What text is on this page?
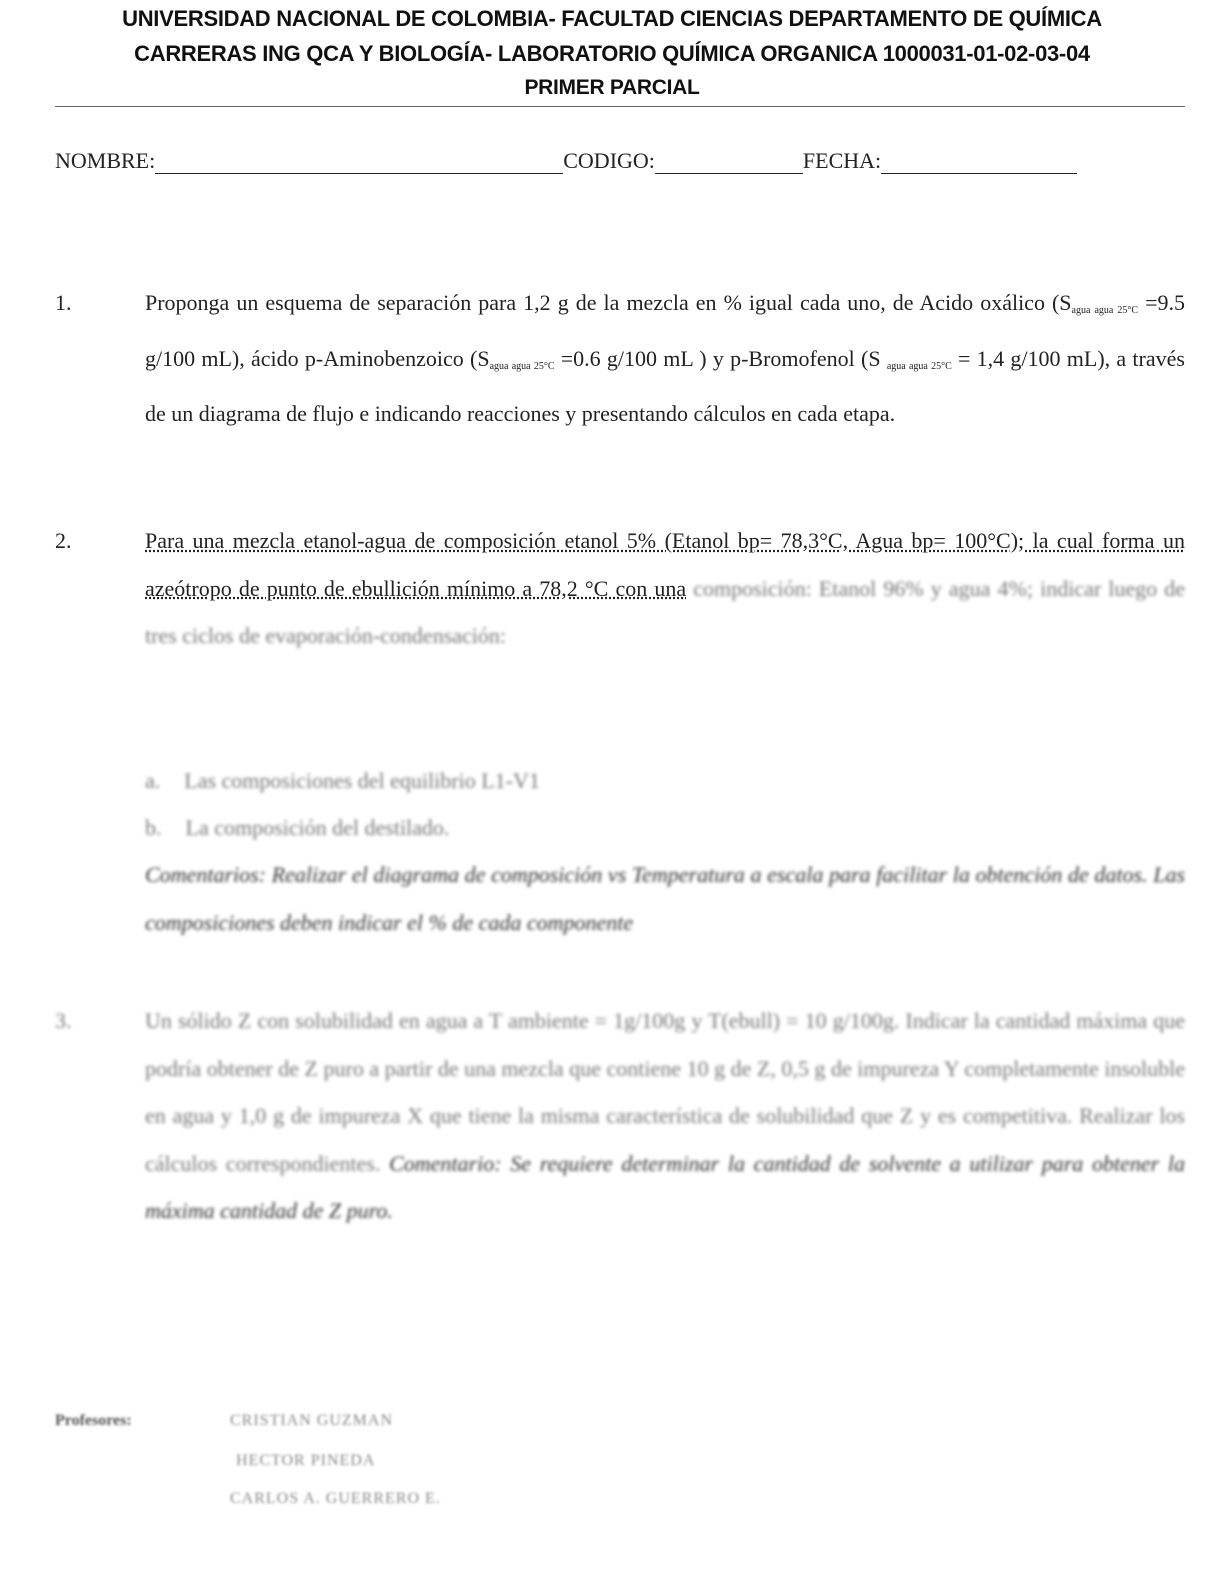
UNIVERSIDAD NACIONAL DE COLOMBIA- FACULTAD CIENCIAS DEPARTAMENTO DE QUÍMICA
CARRERAS ING QCA Y BIOLOGÍA- LABORATORIO QUÍMICA ORGANICA 1000031-01-02-03-04
PRIMER PARCIAL
NOMBRE:	CODIGO:	FECHA:
1.	Proponga un esquema de separación para 1,2 g de la mezcla en % igual cada uno, de Acido oxálico ($S_{agua agua 25^\circ C} =9.5$ g/100 mL), ácido p-Aminobenzoico ($S_{agua agua 25^\circ C} =0.6$ g/100 mL ) y p-Bromofenol (S $_{agua agua 25^\circ C}$ = 1,4 g/100 mL), a través de un diagrama de flujo e indicando reacciones y presentando cálculos en cada etapa.
2.	Para una mezcla etanol-agua de composición etanol 5% (Etanol bp= 78,3°C, Agua bp= 100°C); la cual forma un azeótropo de punto de ebullición mínimo a 78,2 °C con una composición: Etanol 96% y agua 4%; indicar luego de tres ciclos de evaporación-condensación:
a. Las composiciones del equilibrio L1-V1
b. La composición del destilado.
Comentarios: Realizar el diagrama de composición vs Temperatura a escala para facilitar la obtención de datos. Las composiciones deben indicar el % de cada componente
3.	Un sólido Z con solubilidad en agua a T ambiente = 1g/100g y T(ebull) = 10 g/100g. Indicar la cantidad máxima que podría obtener de Z puro a partir de una mezcla que contiene 10 g de Z, 0,5 g de impureza Y completamente insoluble en agua y 1,0 g de impureza X que tiene la misma característica de solubilidad que Z y es competitiva. Realizar los cálculos correspondientes. Comentario: Se requiere determinar la cantidad de solvente a utilizar para obtener la máxima cantidad de Z puro.
Profesores:	CRISTIAN GUZMAN
HECTOR PINEDA
CARLOS A. GUERRERO E.
